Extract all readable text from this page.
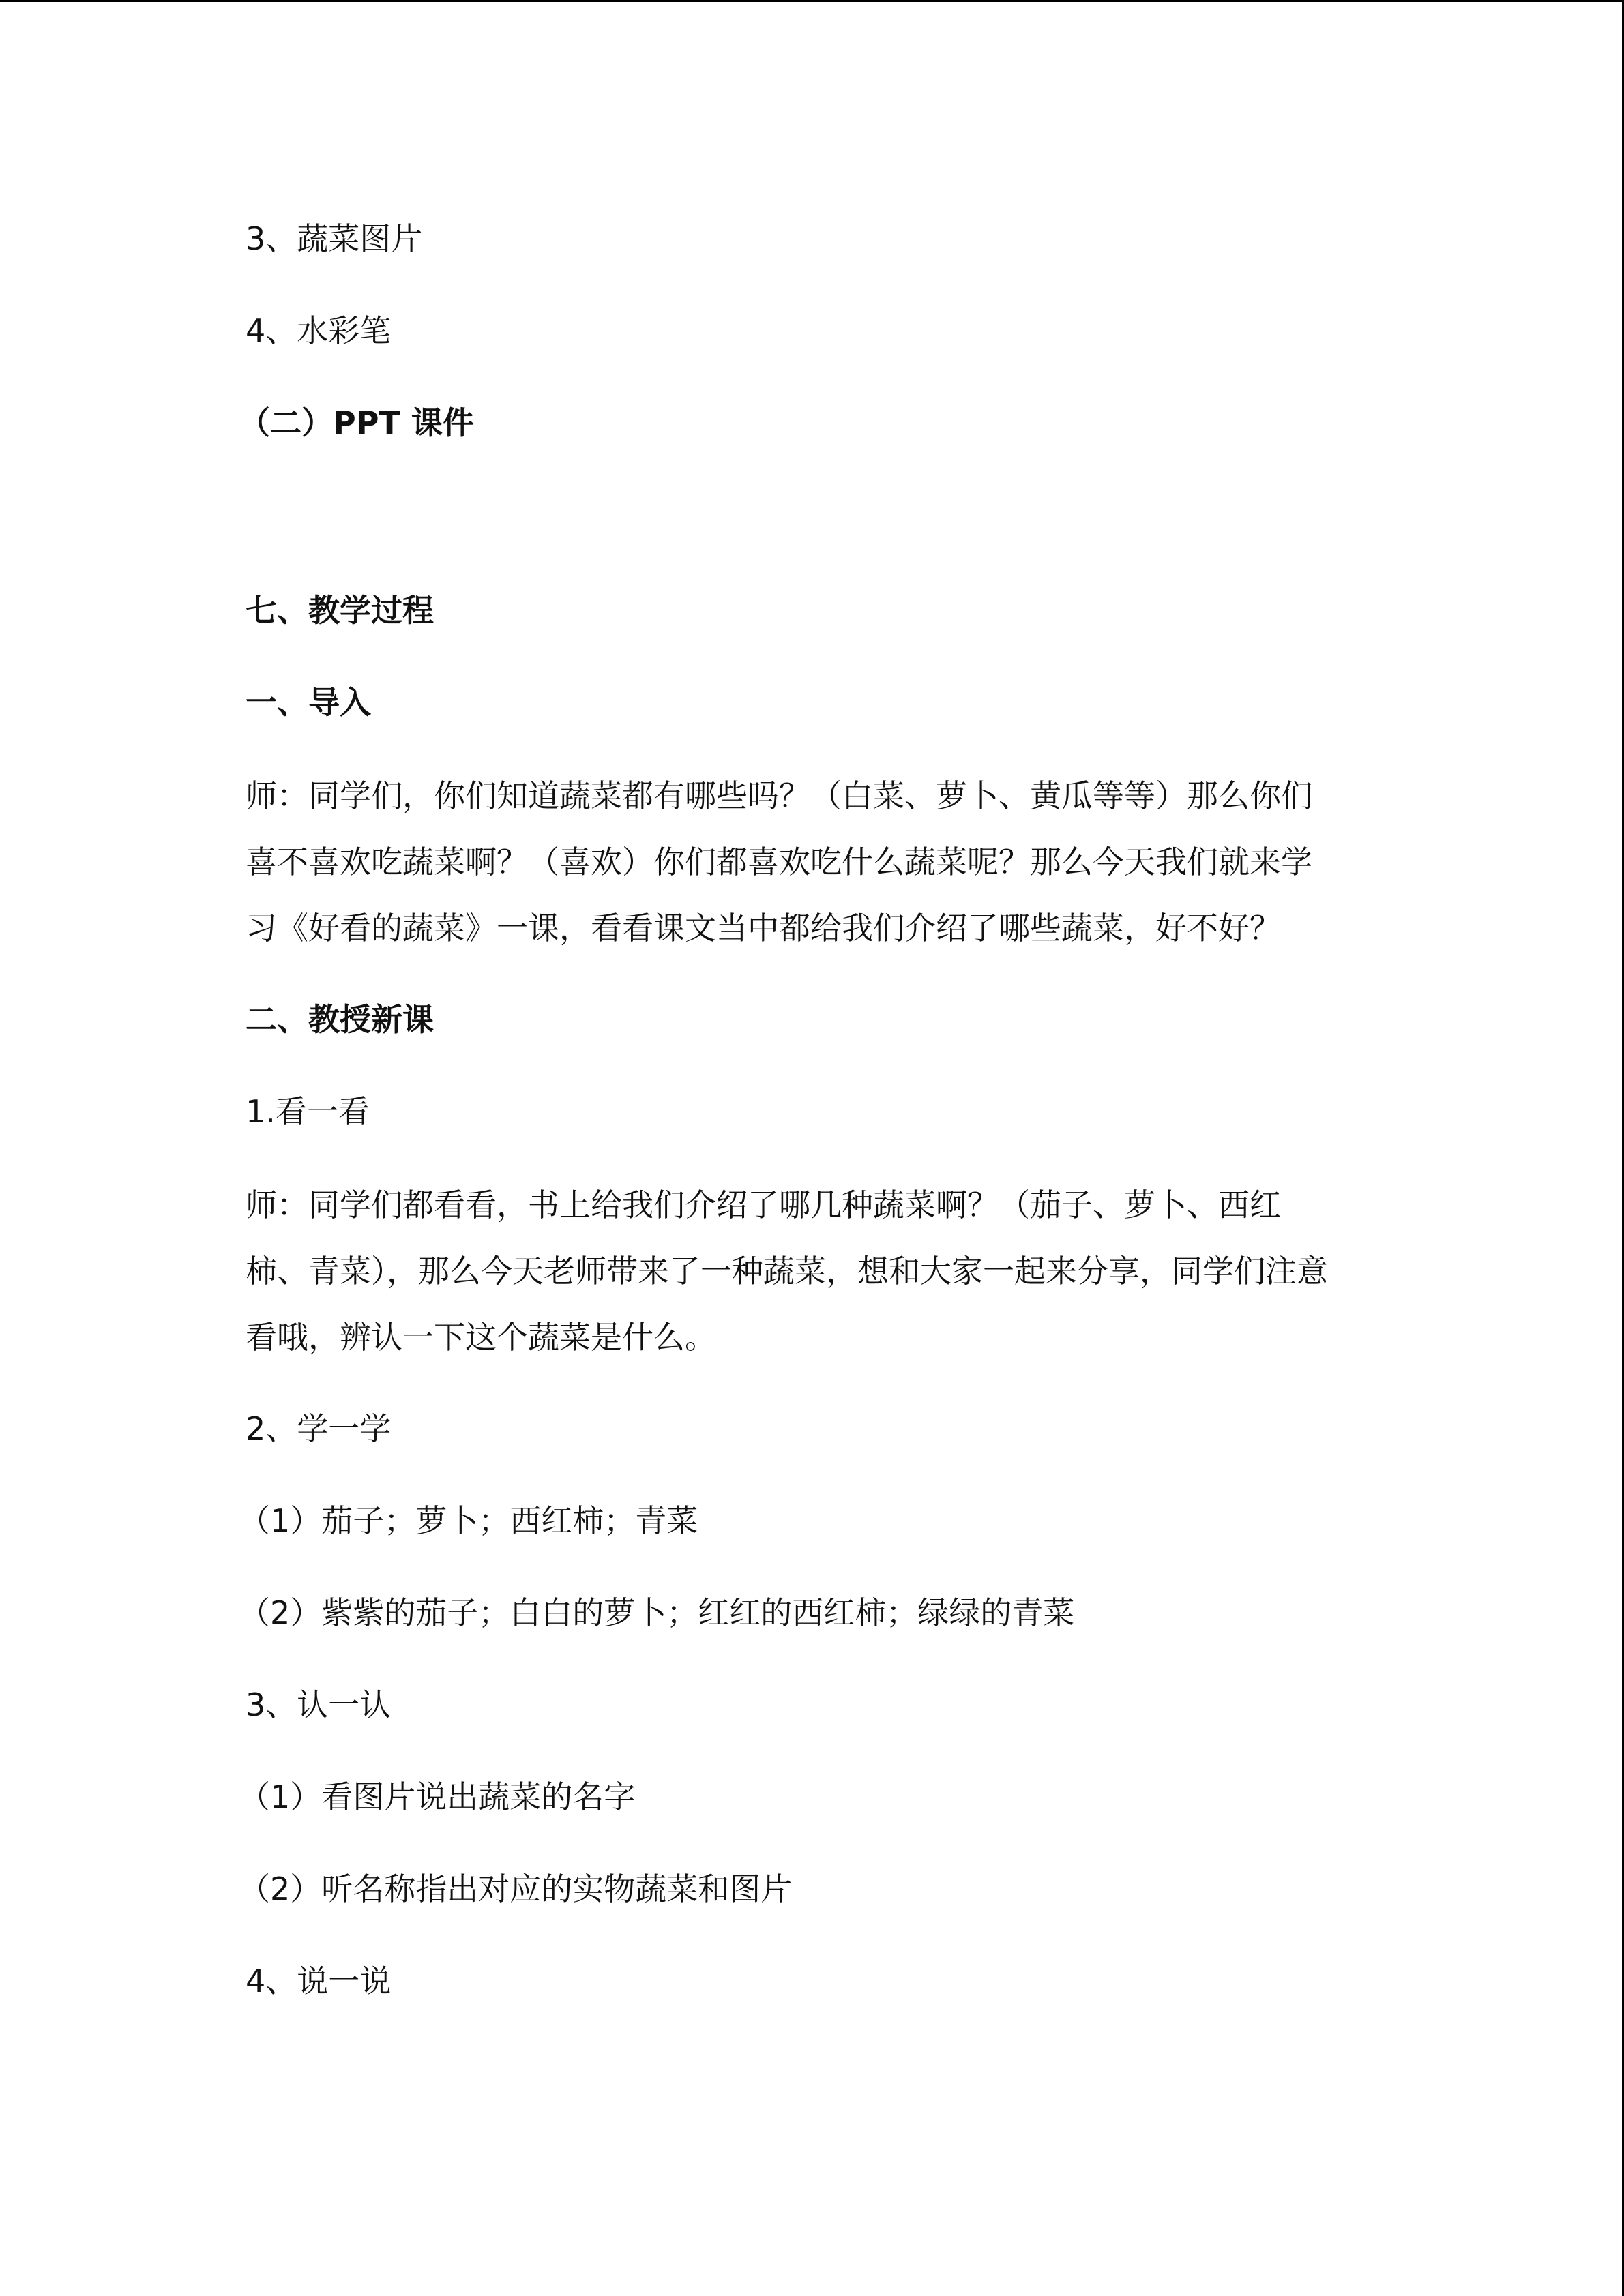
3、蔬菜图片
4、水彩笔
（二）PPT 课件
七、教学过程
一、导入
师：同学们，你们知道蔬菜都有哪些吗？（白菜、萝卜、黄瓜等等）那么你们
喜不喜欢吃蔬菜啊？（喜欢）你们都喜欢吃什么蔬菜呢？那么今天我们就来学
习《好看的蔬菜》一课，看看课文当中都给我们介绍了哪些蔬菜，好不好？
二、教授新课
1.看一看
师：同学们都看看，书上给我们介绍了哪几种蔬菜啊？（茄子、萝卜、西红
柿、青菜），那么今天老师带来了一种蔬菜，想和大家一起来分享，同学们注意
看哦，辨认一下这个蔬菜是什么。
2、学一学
（1）茄子；萝卜；西红柿；青菜
（2）紫紫的茄子；白白的萝卜；红红的西红柿；绿绿的青菜
3、认一认
（1）看图片说出蔬菜的名字
（2）听名称指出对应的实物蔬菜和图片
4、说一说
